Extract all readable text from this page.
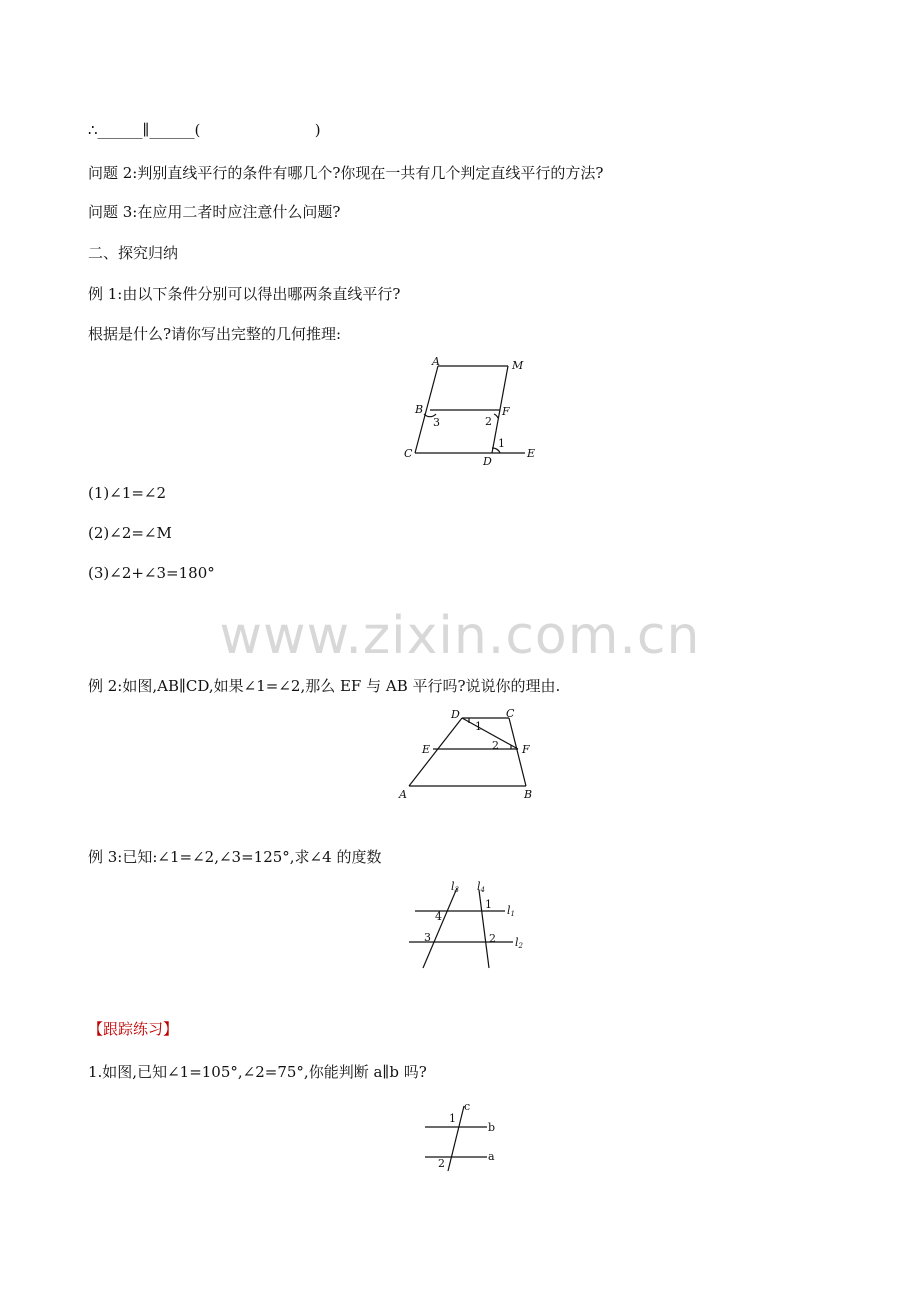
∴______∥______(                        )
问题 2:判别直线平行的条件有哪几个?你现在一共有几个判定直线平行的方法?
问题 3:在应用二者时应注意什么问题?
二、探究归纳
例 1:由以下条件分别可以得出哪两条直线平行?
根据是什么?请你写出完整的几何推理:
A	M
B	F
C
D
E
3	2
1
(1)∠1=∠2
(2)∠2=∠M
(3)∠2+∠3=180°
www.zixin.com.cn
例 2:如图,AB∥CD,如果∠1=∠2,那么 EF 与 AB 平行吗?说说你的理由.
D	C
E	F
A	B
1
2
例 3:已知:∠1=∠2,∠3=125°,求∠4 的度数
l3 l4
l1
l2
4
1
3	2
【跟踪练习】
1.如图,已知∠1=105°,∠2=75°,你能判断 a∥b 吗?
c
b
a
1
2
